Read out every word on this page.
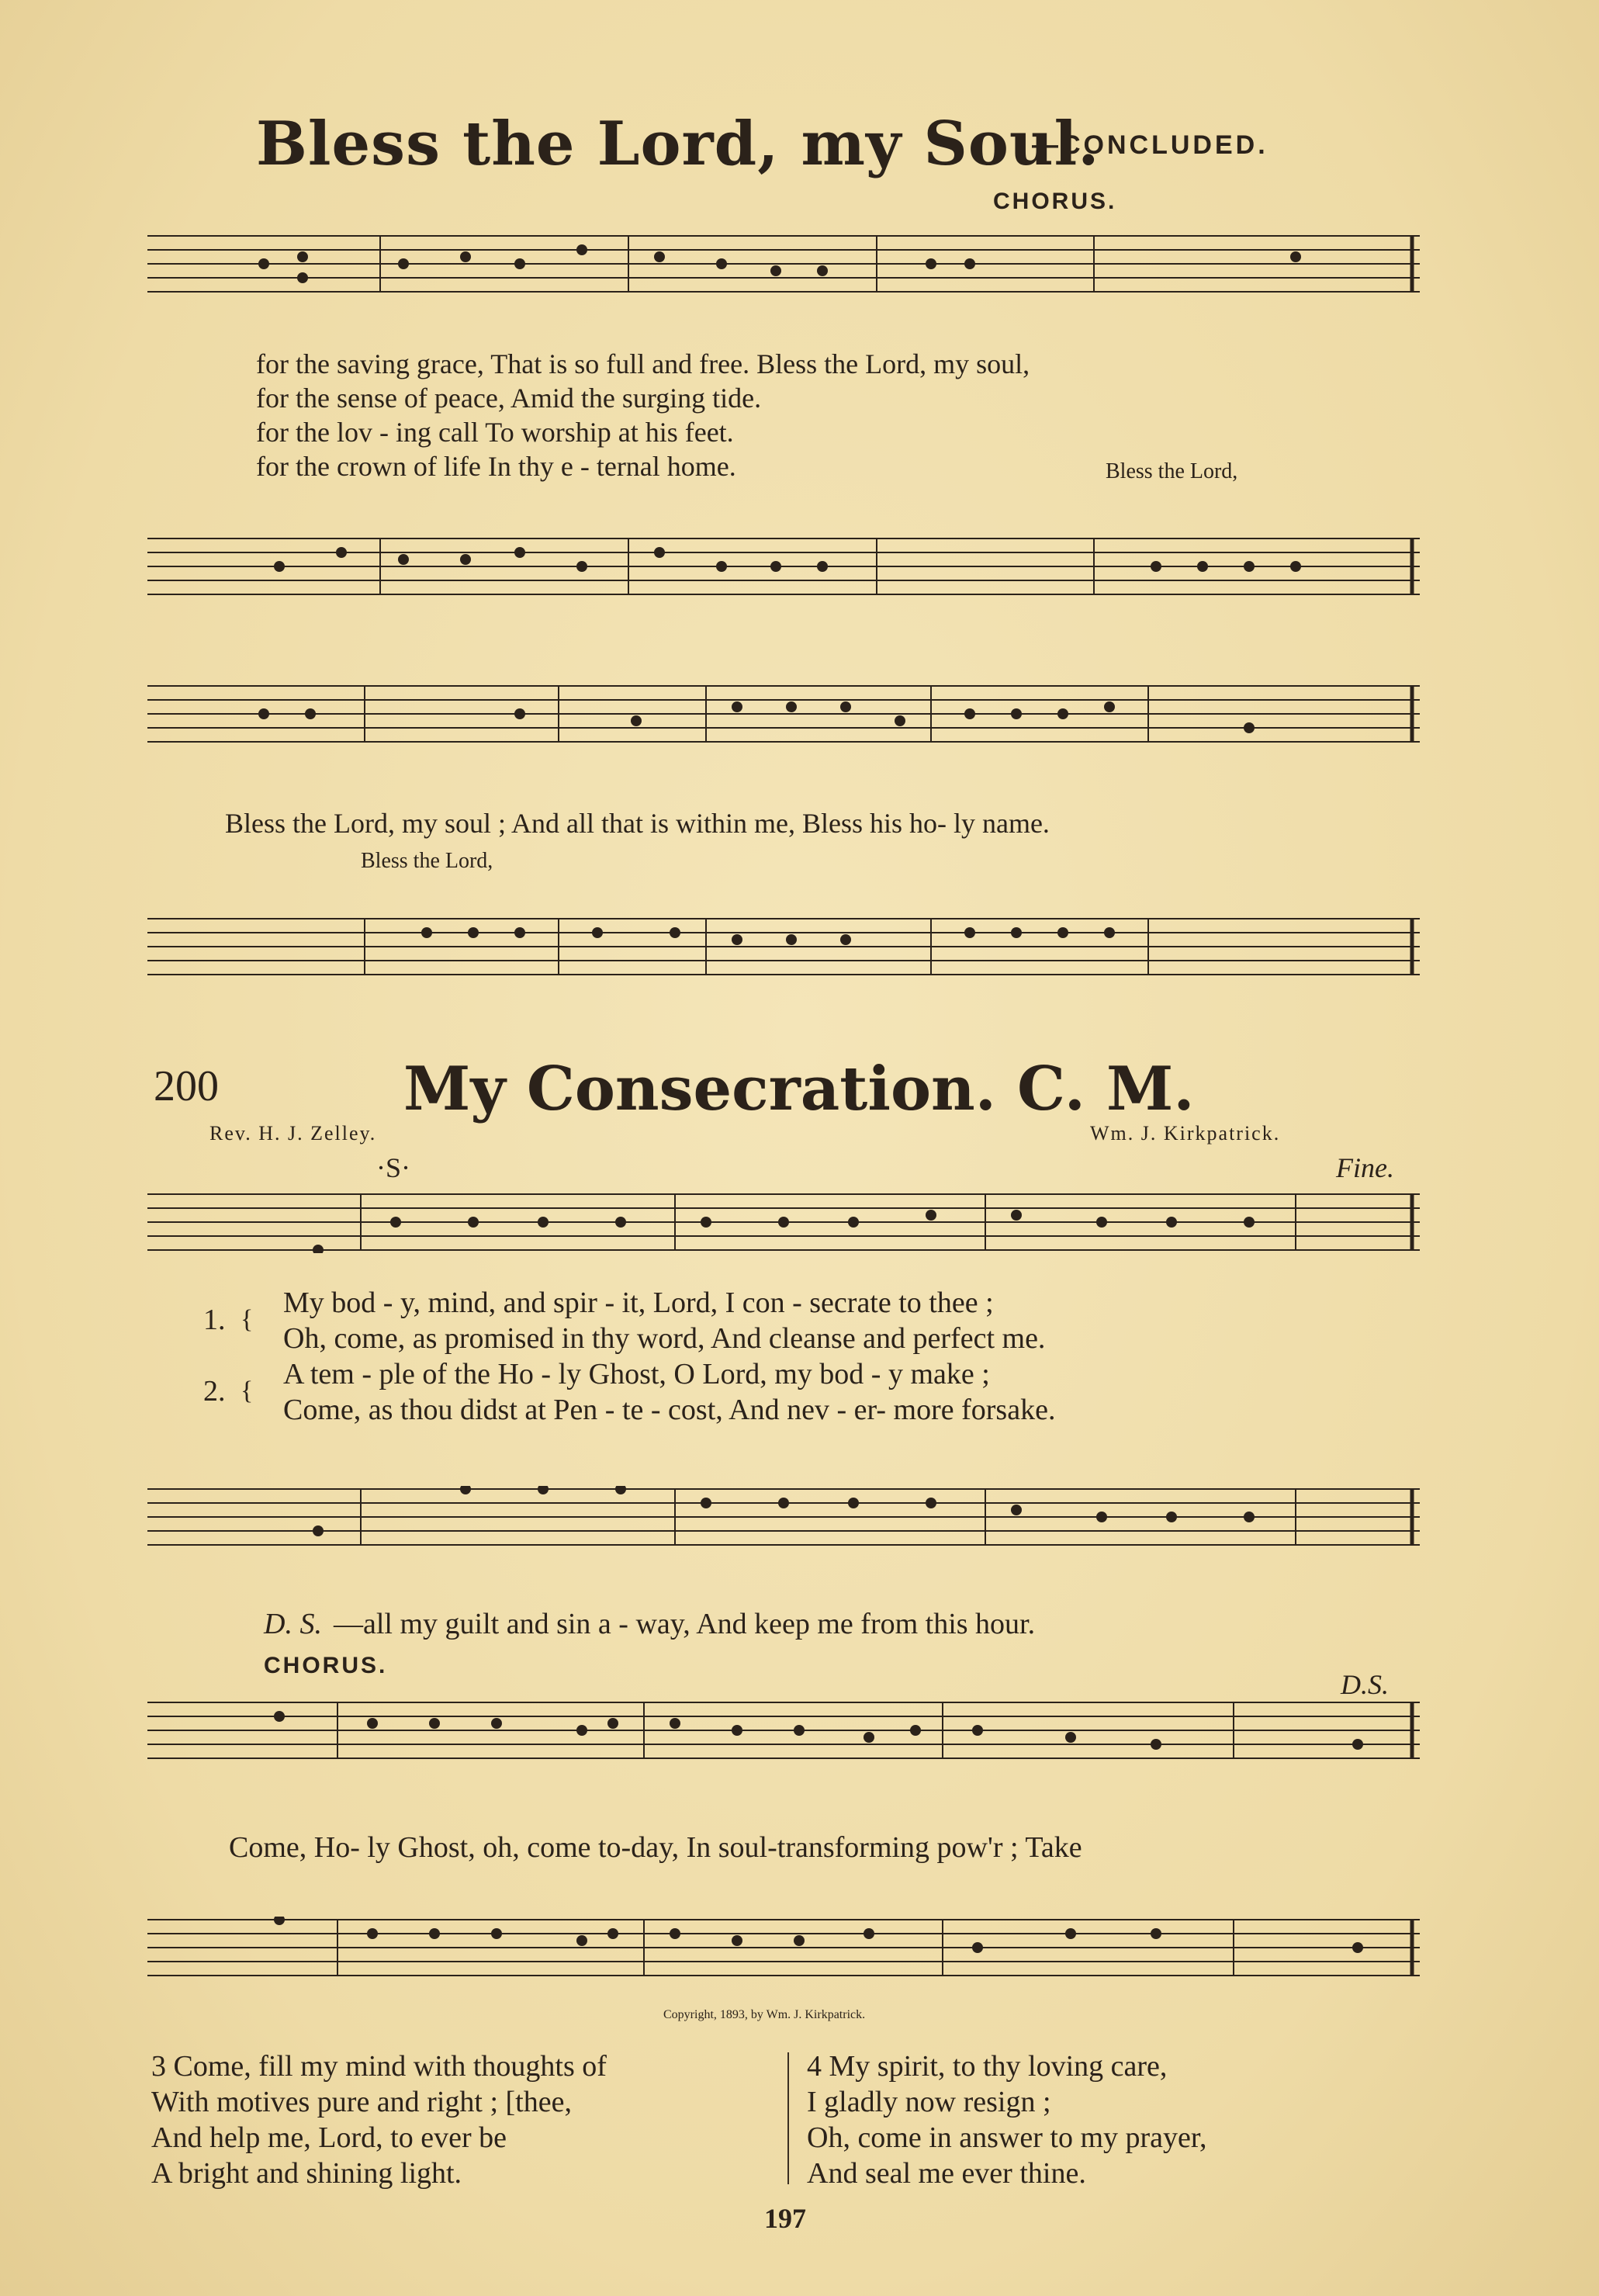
Bless the Lord, my Soul.
—CONCLUDED.
CHORUS.
for the saving grace, That is so full and free. Bless the Lord, my soul,
for the sense of peace, Amid the surging tide.
for the lov - ing call To worship at his feet.
for the crown of life In thy e - ternal home.	Bless the Lord,
Bless the Lord, my soul ; And all that is within me, Bless his ho- ly name.
Bless the Lord,
200	My Consecration. C. M.
Rev. H. J. Zelley.	Wm. J. Kirkpatrick.
·S·	Fine.
1. {
My bod - y, mind, and spir - it, Lord, I con - secrate to thee ;
Oh, come, as promised in thy word, And cleanse and perfect me.
2. {
A tem - ple of the Ho - ly Ghost, O Lord, my bod - y make ;
Come, as thou didst at Pen - te - cost, And nev - er- more forsake.
D. S. —all my guilt and sin a - way, And keep me from this hour.
CHORUS.
D.S.
Come, Ho- ly Ghost, oh, come to-day, In soul-transforming pow'r ; Take
Copyright, 1893, by Wm. J. Kirkpatrick.
3 Come, fill my mind with thoughts of
With motives pure and right ; [thee,
And help me, Lord, to ever be
A bright and shining light.
4 My spirit, to thy loving care,
I gladly now resign ;
Oh, come in answer to my prayer,
And seal me ever thine.
197
